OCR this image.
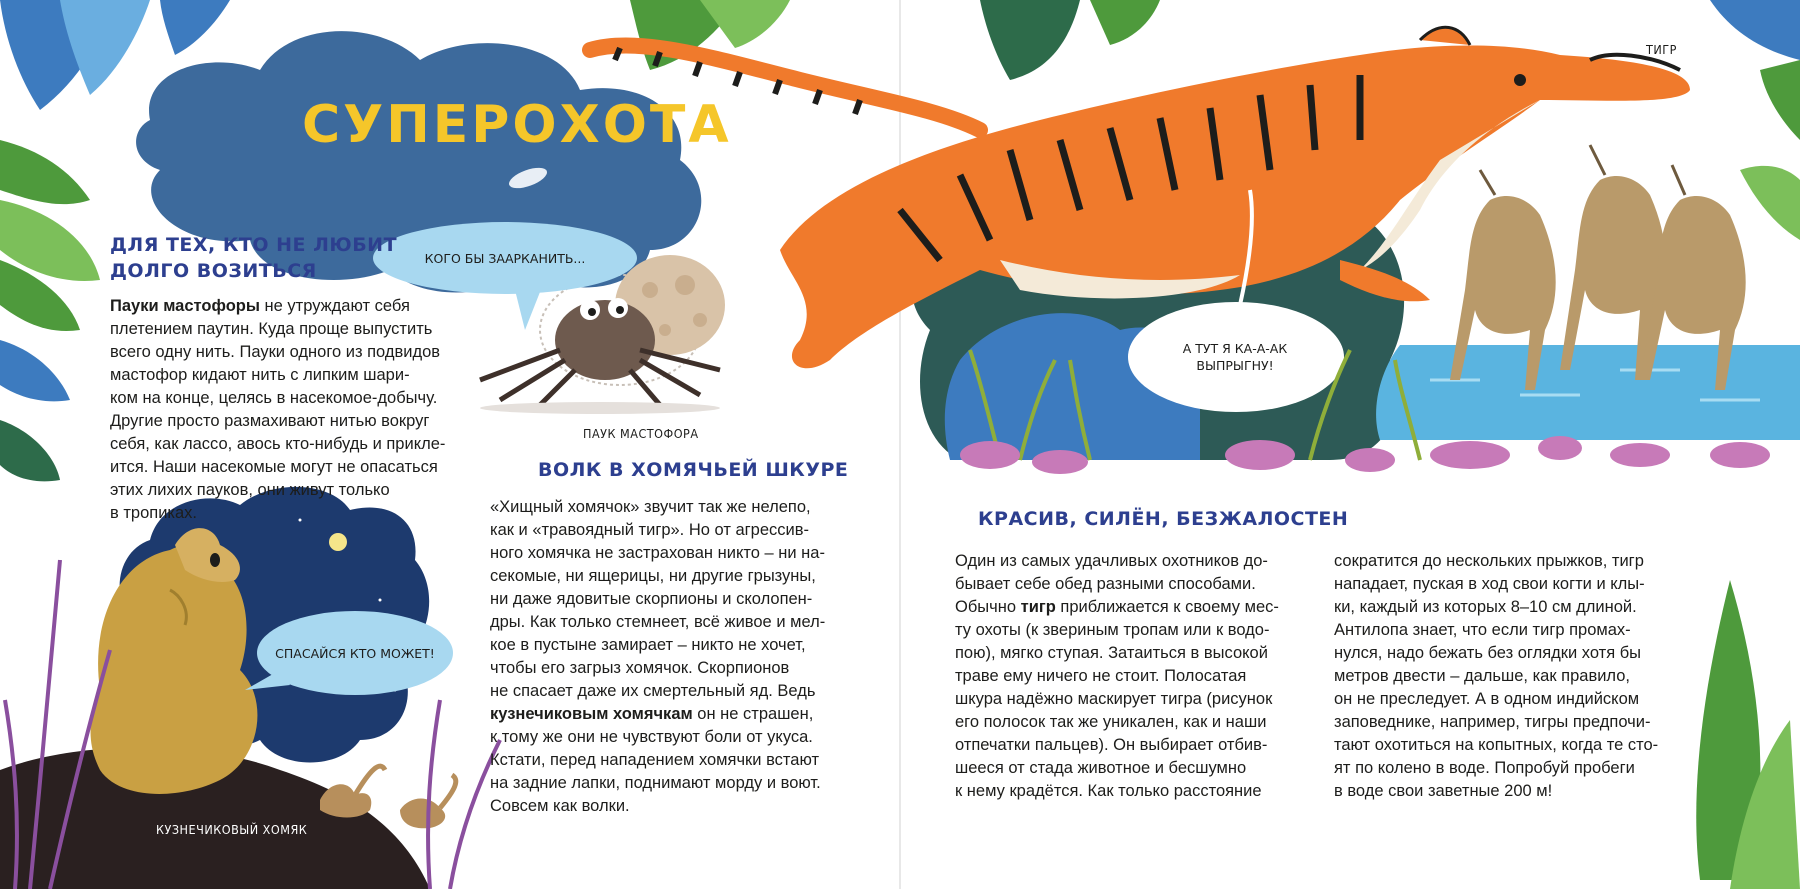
СУПЕРОХОТА
ДЛЯ ТЕХ, КТО НЕ ЛЮБИТ
ДОЛГО ВОЗИТЬСЯ

Пауки мастофоры не утруждают себя

плетением паутин. Куда проще выпустить

всего одну нить. Пауки одного из подвидов

мастофор кидают нить с липким шари-

ком на конце, целясь в насекомое-добычу.

Другие просто размахивают нитью вокруг

себя, как лассо, авось кто-нибудь и прикле-

ится. Наши насекомые могут не опасаться

этих лихих пауков, они живут только

в тропиках.

КОГО БЫ ЗААРКАНИТЬ...
ПАУК МАСТОФОРА
ВОЛК В ХОМЯЧЬЕЙ ШКУРЕ

«Хищный хомячок» звучит так же нелепо,

как и «травоядный тигр». Но от агрессив-

ного хомячка не застрахован никто – ни на-

секомые, ни ящерицы, ни другие грызуны,

ни даже ядовитые скорпионы и сколопен-

дры. Как только стемнеет, всё живое и мел-

кое в пустыне замирает – никто не хочет,

чтобы его загрыз хомячок. Скорпионов

не спасает даже их смертельный яд. Ведь

кузнечиковым хомячкам он не страшен,

к тому же они не чувствуют боли от укуса.

Кстати, перед нападением хомячки встают

на задние лапки, поднимают морду и воют.

Совсем как волки.

СПАСАЙСЯ КТО МОЖЕТ!
КУЗНЕЧИКОВЫЙ ХОМЯК
ТИГР
А ТУТ Я КА-А-АК
ВЫПРЫГНУ!
КРАСИВ, СИЛЁН, БЕЗЖАЛОСТЕН

Один из самых удачливых охотников до-

бывает себе обед разными способами.

Обычно тигр приближается к своему мес-

ту охоты (к звериным тропам или к водо-

пою), мягко ступая. Затаиться в высокой

траве ему ничего не стоит. Полосатая

шкура надёжно маскирует тигра (рисунок

его полосок так же уникален, как и наши

отпечатки пальцев). Он выбирает отбив-

шееся от стада животное и бесшумно

к нему крадётся. Как только расстояние

сократится до нескольких прыжков, тигр

нападает, пуская в ход свои когти и клы-

ки, каждый из которых 8–10 см длиной.

Антилопа знает, что если тигр промах-

нулся, надо бежать без оглядки хотя бы

метров двести – дальше, как правило,

он не преследует. А в одном индийском

заповеднике, например, тигры предпочи-

тают охотиться на копытных, когда те сто-

ят по колено в воде. Попробуй пробеги

в воде свои заветные 200 м!
